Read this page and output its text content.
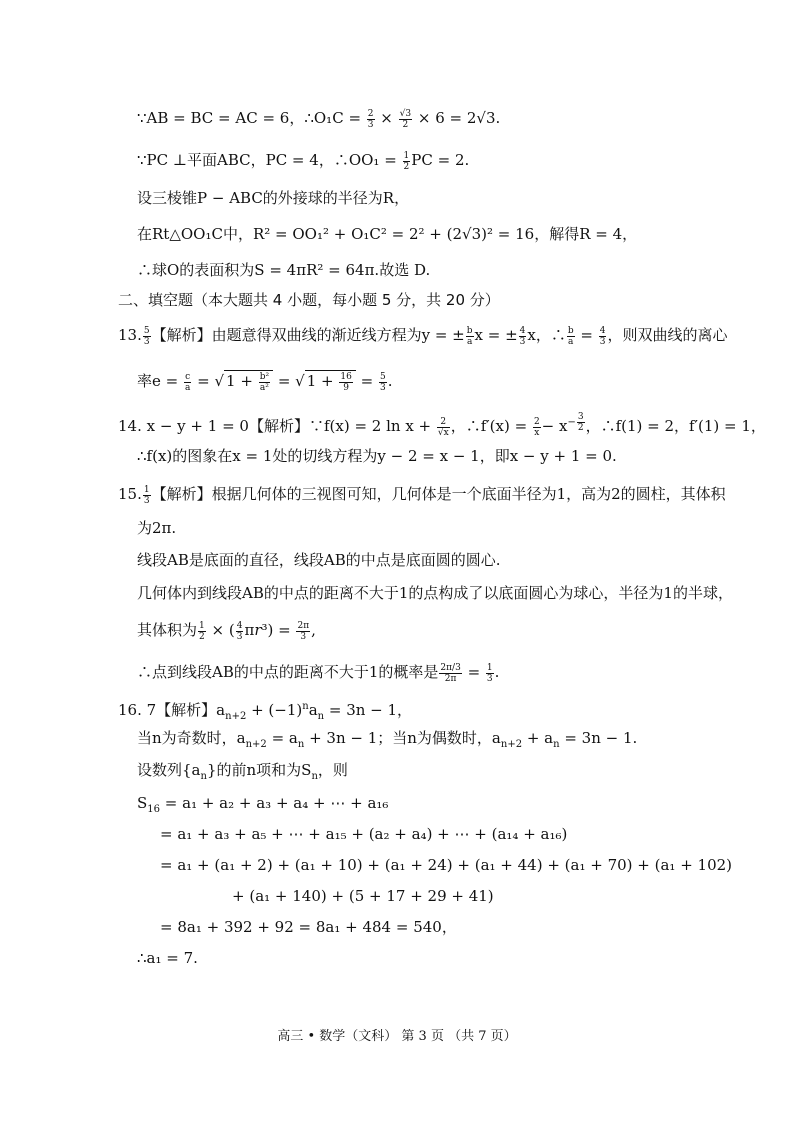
∵AB = BC = AC = 6，∴O₁C = $\frac{2}{3} \times \frac{√3}{2} \times 6 = 2√3$.
∵PC ⊥平面ABC，PC = 4，∴OO₁ = $\frac{1}{2}$ PC = 2.
设三棱锥P − ABC的外接球的半径为R，
在Rt△OO₁C中，R² = OO₁² + O₁C² = 2² + (2√3)² = 16，解得R = 4，
∴球O的表面积为S = 4πR² = 64π.故选 D.
二、填空题（本大题共 4 小题，每小题 5 分，共 20 分）
13. $\frac{5}{3}$ 【解析】由题意得双曲线的渐近线方程为y = ± $\frac{b}{a}$ x = ± $\frac{4}{3}$ x，∴ $\frac{b}{a} = \frac{4}{3}$ ，则双曲线的离心
率$e = \frac{c}{a}$ = √ $1 + \frac{\text{b²}}{\text{a²}}$ = √ $1 + \frac{16}{9} = \frac{5}{3}$ .
14. x − y + 1 = 0【解析】∵f(x) = 2 $\ln x + \frac{2}{√x}$ ，∴f′(x) = $\frac{2}{x} - x^{- \frac{3}{2}}$ ，∴f(1) = 2，f′(1) = 1，
∴f(x)的图象在x = 1处的切线方程为y − 2 = x − 1，即x − y + 1 = 0.
15. $\frac{1}{3}$ 【解析】根据几何体的三视图可知，几何体是一个底面半径为1，高为2的圆柱，其体积
为2π.
线段AB是底面的直径，线段AB的中点是底面圆的圆心.
几何体内到线段AB的中点的距离不大于1的点构成了以底面圆心为球心，半径为1的半球，
其体积为 $\frac{1}{2}$ × ( $\frac{4}{3} \pi r^3) = \frac{2\pi}{3}$ ,
∴点到线段AB的中点的距离不大于1的概率是 $\frac{2\pi/3}{2\pi} = \frac{1}{3}$ .
16. 7【解析】$a_{n+2} + (-1)^na_n = 3n - 1$，
当n为奇数时，$a_{n+2} = a_n + 3n - 1$；当n为偶数时，$a_{n+2} + a_n = 3n - 1$.
设数列$\{a_n\}$的前n项和为$S_n$，则
$S_{16} = a_1 + a_2 + a_3 + a_4$ + ⋯ + a₁₆
= a₁ + a₃ + a₅ + ⋯ + a₁₅ + (a₂ + a₄) + ⋯ + (a₁₄ + a₁₆)
= a₁ + (a₁ + 2) + (a₁ + 10) + (a₁ + 24) + (a₁ + 44) + (a₁ + 70) + (a₁ + 102)
+ (a₁ + 140) + (5 + 17 + 29 + 41)
= 8a₁ + 392 + 92 = 8a₁ + 484 = 540，
∴a₁ = 7.
高三 • 数学（文科） 第 3 页 （共 7 页）
